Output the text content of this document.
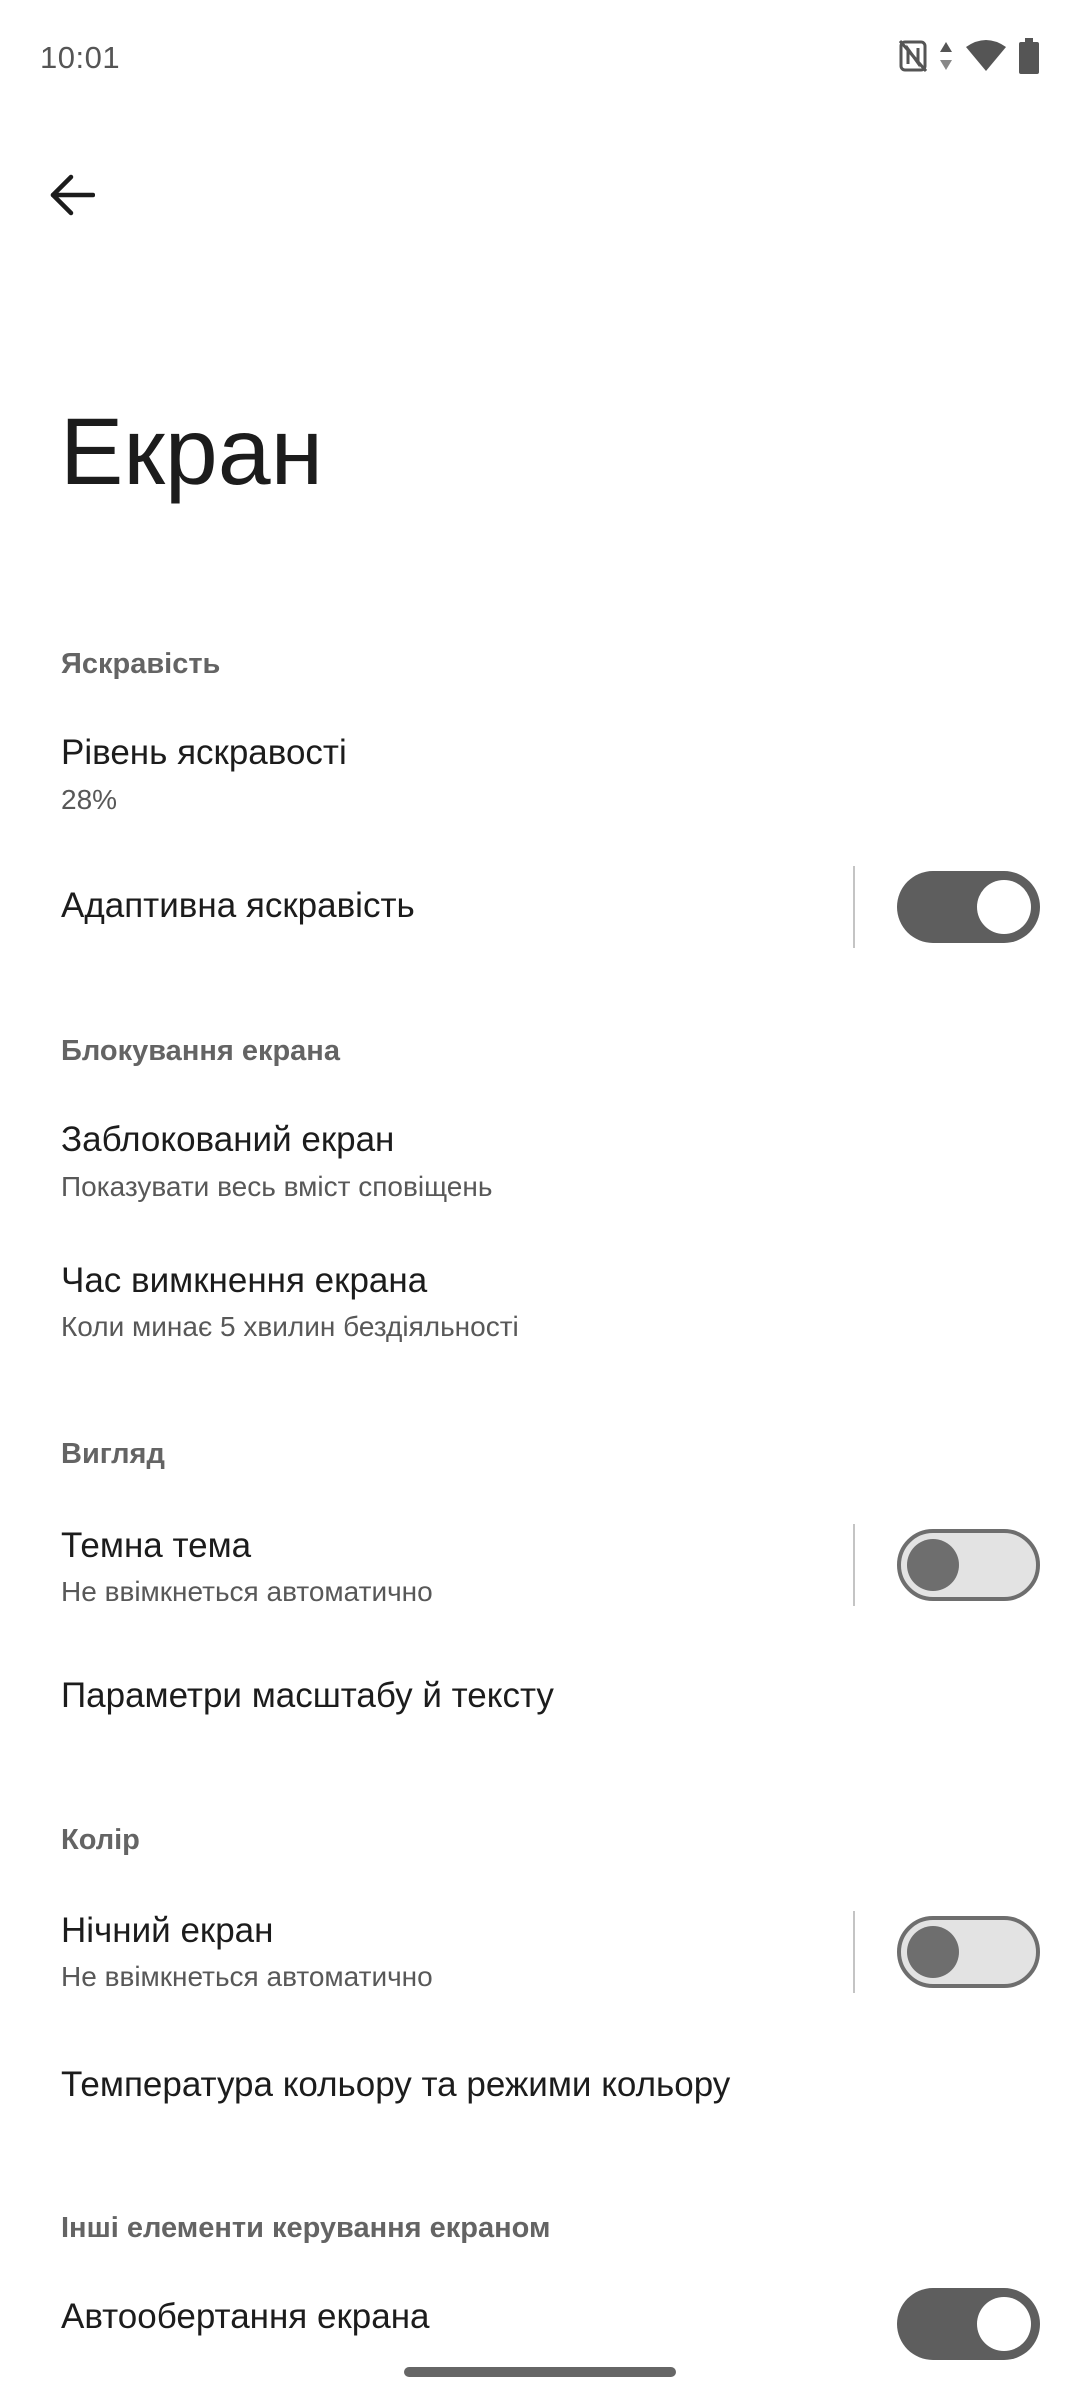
10:01
Екран
Яскравість
Рівень яскравості
28%
Адаптивна яскравість
Блокування екрана
Заблокований екран
Показувати весь вміст сповіщень
Час вимкнення екрана
Коли минає 5 хвилин бездіяльності
Вигляд
Темна тема
Не ввімкнеться автоматично
Параметри масштабу й тексту
Колір
Нічний екран
Не ввімкнеться автоматично
Температура кольору та режими кольору
Інші елементи керування екраном
Автообертання екрана
